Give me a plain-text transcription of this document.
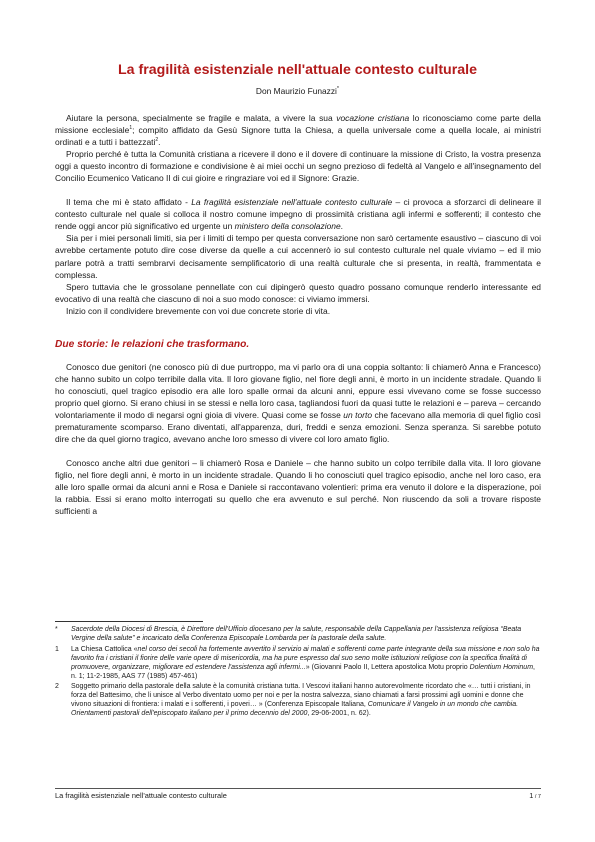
La fragilità esistenziale nell'attuale contesto culturale
Don Maurizio Funazzi*

Aiutare la persona, specialmente se fragile e malata, a vivere la sua vocazione cristiana lo riconosciamo come parte della missione ecclesiale$^1$; compito affidato da Gesù Signore tutta la Chiesa, a quella universale come a quella locale, ai ministri ordinati e a tutti i battezzati$^2$.

Proprio perché è tutta la Comunità cristiana a ricevere il dono e il dovere di continuare la missione di Cristo, la vostra presenza oggi a questo incontro di formazione e condivisione è ai miei occhi un segno prezioso di fedeltà al Vangelo e all'insegnamento del Concilio Ecumenico Vaticano II di cui gioire e ringraziare voi ed il Signore: Grazie.

Il tema che mi è stato affidato - La fragilità esistenziale nell'attuale contesto culturale – ci provoca a sforzarci di delineare il contesto culturale nel quale si colloca il nostro comune impegno di prossimità cristiana agli infermi e sofferenti; il contesto che rende oggi ancor più significativo ed urgente un ministero della consolazione.

Sia per i miei personali limiti, sia per i limiti di tempo per questa conversazione non sarò certamente esaustivo – ciascuno di voi avrebbe certamente potuto dire cose diverse da quelle a cui accennerò io sul contesto culturale nel quale viviamo – ed il mio parlare potrà a tratti sembrarvi decisamente semplificatorio di una realtà culturale che si presenta, in realtà, frammentata e complessa.

Spero tuttavia che le grossolane pennellate con cui dipingerò questo quadro possano comunque renderlo interessante ed evocativo di una realtà che ciascuno di noi a suo modo conosce: ci viviamo immersi.

Inizio con il condividere brevemente con voi due concrete storie di vita.

Due storie: le relazioni che trasformano.

Conosco due genitori (ne conosco più di due purtroppo, ma vi parlo ora di una coppia soltanto: li chiamerò Anna e Francesco) che hanno subito un colpo terribile dalla vita. Il loro giovane figlio, nel fiore degli anni, è morto in un incidente stradale. Quando li ho conosciuti, quel tragico episodio era alle loro spalle ormai da alcuni anni, eppure essi vivevano come se fosse successo proprio quel giorno. Si erano chiusi in se stessi e nella loro casa, tagliandosi fuori da quasi tutte le relazioni e – pareva – cercando volontariamente il modo di negarsi ogni gioia di vivere. Quasi come se fosse un torto che facevano alla memoria di quel figlio così prematuramente scomparso. Erano diventati, all'apparenza, duri, freddi e senza emozioni. Senza speranza. Si sarebbe potuto dire che da quel giorno tragico, avevano anche loro smesso di vivere col loro amato figlio.

Conosco anche altri due genitori – li chiamerò Rosa e Daniele – che hanno subito un colpo terribile dalla vita. Il loro giovane figlio, nel fiore degli anni, è morto in un incidente stradale. Quando li ho conosciuti quel tragico episodio, anche nel loro caso, era alle loro spalle ormai da alcuni anni e Rosa e Daniele si raccontavano volentieri: prima era venuto il dolore e la disperazione, poi la rabbia. Essi si erano molto interrogati su quello che era avvenuto e sul perché. Non riuscendo da soli a trovare risposte sufficienti a

* Sacerdote della Diocesi di Brescia, è Direttore dell'Ufficio diocesano per la salute, responsabile della Cappellania per l'assistenza religiosa “Beata Vergine della salute” e incaricato della Conferenza Episcopale Lombarda per la pastorale della salute.
1 La Chiesa Cattolica «nel corso dei secoli ha fortemente avvertito il servizio ai malati e sofferenti come parte integrante della sua missione e non solo ha favorito fra i cristiani il fiorire delle varie opere di misericordia, ma ha pure espresso dal suo seno molte istituzioni religiose con la specifica finalità di promuovere, organizzare, migliorare ed estendere l'assistenza agli infermi...» (Giovanni Paolo II, Lettera apostolica Motu proprio Dolentium Hominum, n. 1; 11-2-1985, AAS 77 (1985) 457-461)
2 Soggetto primario della pastorale della salute è la comunità cristiana tutta. I Vescovi italiani hanno autorevolmente ricordato che «… tutti i cristiani, in forza del Battesimo, che li unisce al Verbo diventato uomo per noi e per la nostra salvezza, siano chiamati a farsi prossimi agli uomini e donne che vivono situazioni di frontiera: i malati e i sofferenti, i poveri… » (Conferenza Episcopale Italiana, Comunicare il Vangelo in un mondo che cambia. Orientamenti pastorali dell'episcopato italiano per il primo decennio del 2000, 29-06-2001, n. 62).
La fragilità esistenziale nell'attuale contesto culturale	1 / 7
